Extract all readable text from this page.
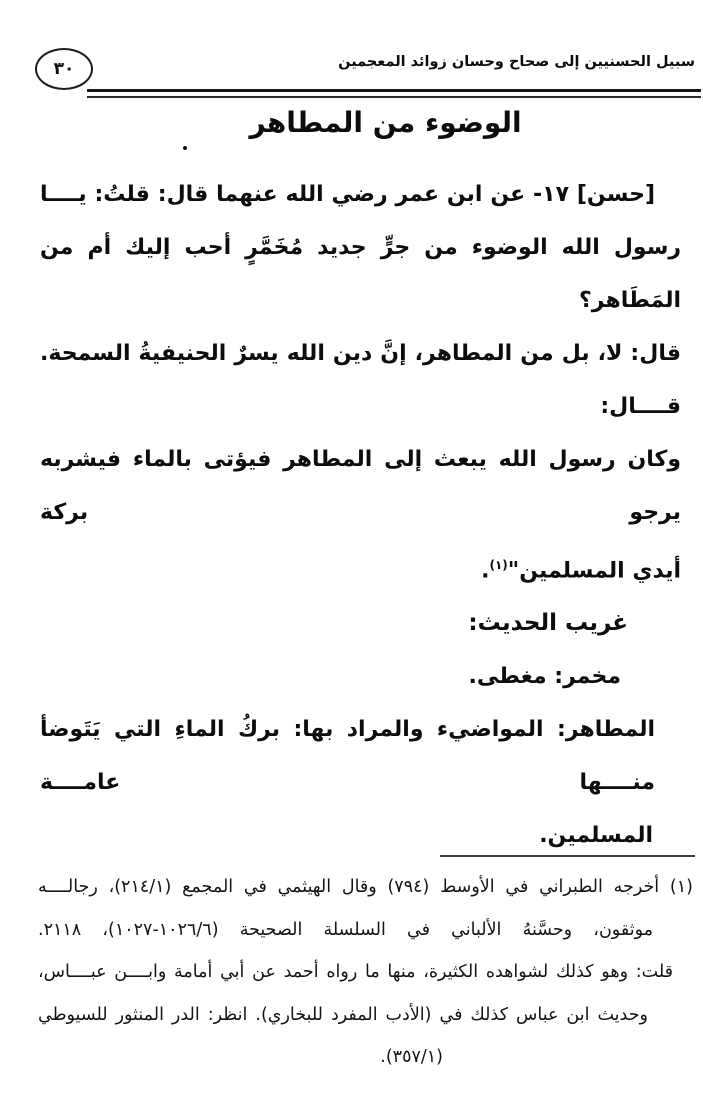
٣٠	سبيل الحسنيين إلى صحاح وحسان زوائد المعجمين
الوضوء من المطاهر
[حسن] ١٧- عن ابن عمر رضي الله عنهما قال: قلتُ: يــــا
رسول الله الوضوء من جرٍّ جديد مُخَمَّرٍ أحب إليك أم من المَطَاهر؟
قال: لا، بل من المطاهر، إنَّ دين الله يسرٌ الحنيفيةُ السمحة. قــــال:
وكان رسول الله يبعث إلى المطاهر فيؤتى بالماء فيشربه يرجو بركة
أيدي المسلمين"$^{(١)}$.
غريب الحديث:
مخمر: مغطى.
المطاهر: المواضيء والمراد بها: بركُ الماءِ التي يَتَوضأ منــــها عامــــة
المسلمين.
(١) أخرجه الطبراني في الأوسط (٧٩٤) وقال الهيثمي في المجمع (٢١٤/١)، رجالــــه
موثقون، وحسَّنهُ الألباني في السلسلة الصحيحة (١٠٢٦/٦-١٠٢٧)، ٢١١٨.
قلت: وهو كذلك لشواهده الكثيرة، منها ما رواه أحمد عن أبي أمامة وابــــن عبــــاس،
وحديث ابن عباس كذلك في (الأدب المفرد للبخاري). انظر: الدر المنثور للسيوطي
(٣٥٧/١).
